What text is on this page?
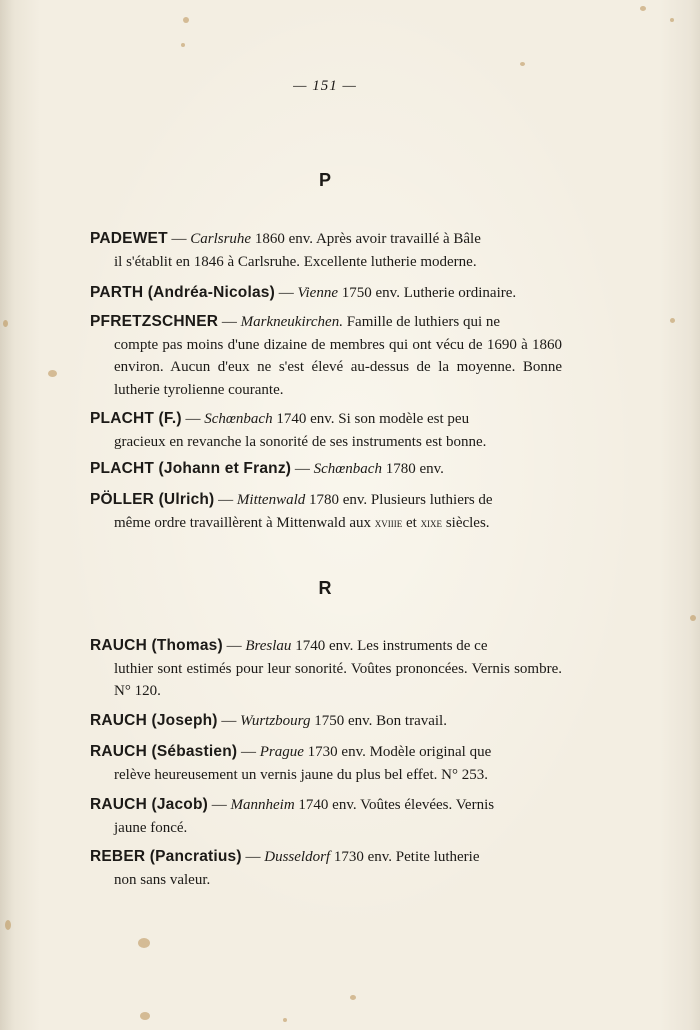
— 151 —
P
PADEWET — Carlsruhe 1860 env. Après avoir travaillé à Bâle
il s'établit en 1846 à Carlsruhe. Excellente lutherie moderne.
PARTH (Andréa-Nicolas) — Vienne 1750 env. Lutherie ordinaire.
PFRETZSCHNER — Markneukirchen. Famille de luthiers qui ne
compte pas moins d'une dizaine de membres qui ont vécu de 1690 à 1860 environ. Aucun d'eux ne s'est élevé au-dessus de la moyenne. Bonne lutherie tyrolienne courante.
PLACHT (F.) — Schœnbach 1740 env. Si son modèle est peu
gracieux en revanche la sonorité de ses instruments est bonne.
PLACHT (Johann et Franz) — Schœnbach 1780 env.
PÖLLER (Ulrich) — Mittenwald 1780 env. Plusieurs luthiers de
même ordre travaillèrent à Mittenwald aux xviiie et xixe siècles.
R
RAUCH (Thomas) — Breslau 1740 env. Les instruments de ce
luthier sont estimés pour leur sonorité. Voûtes prononcées. Vernis sombre. N° 120.
RAUCH (Joseph) — Wurtzbourg 1750 env. Bon travail.
RAUCH (Sébastien) — Prague 1730 env. Modèle original que
relève heureusement un vernis jaune du plus bel effet. N° 253.
RAUCH (Jacob) — Mannheim 1740 env. Voûtes élevées. Vernis
jaune foncé.
REBER (Pancratius) — Dusseldorf 1730 env. Petite lutherie
non sans valeur.
